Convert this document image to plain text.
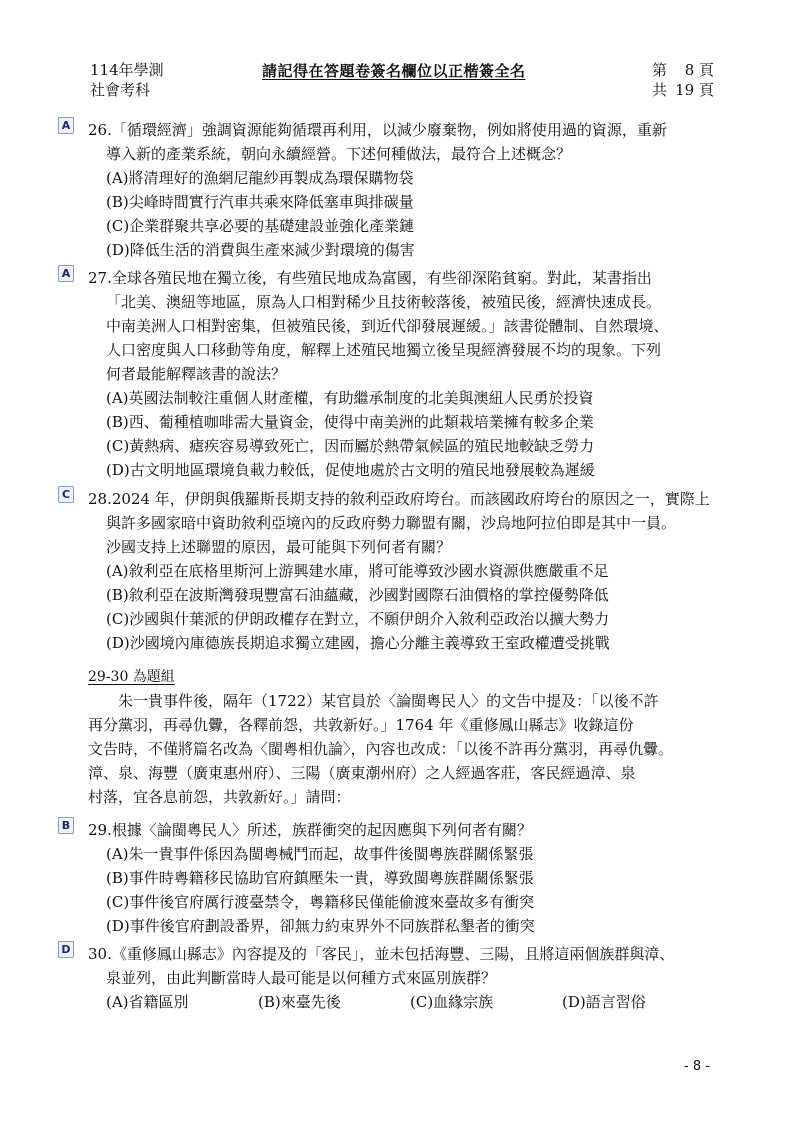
114年學測
社會考科
請記得在答題卷簽名欄位以正楷簽全名	第 8 頁
共 19 頁
A 26.「循環經濟」強調資源能夠循環再利用，以減少廢棄物，例如將使用過的資源，重新
導入新的產業系統，朝向永續經營。下述何種做法，最符合上述概念？
(A)將清理好的漁網尼龍紗再製成為環保購物袋
(B)尖峰時間實行汽車共乘來降低塞車與排碳量
(C)企業群聚共享必要的基礎建設並強化產業鏈
(D)降低生活的消費與生產來減少對環境的傷害
A 27.全球各殖民地在獨立後，有些殖民地成為富國，有些卻深陷貧窮。對此，某書指出
「北美、澳紐等地區，原為人口相對稀少且技術較落後，被殖民後，經濟快速成長。
中南美洲人口相對密集，但被殖民後，到近代卻發展遲緩。」該書從體制、自然環境、
人口密度與人口移動等角度，解釋上述殖民地獨立後呈現經濟發展不均的現象。下列
何者最能解釋該書的說法？
(A)英國法制較注重個人財產權，有助繼承制度的北美與澳紐人民勇於投資
(B)西、葡種植咖啡需大量資金，使得中南美洲的此類栽培業擁有較多企業
(C)黃熱病、瘧疾容易導致死亡，因而屬於熱帶氣候區的殖民地較缺乏勞力
(D)古文明地區環境負載力較低，促使地處於古文明的殖民地發展較為遲緩
C 28.2024 年，伊朗與俄羅斯長期支持的敘利亞政府垮台。而該國政府垮台的原因之一，實際上
與許多國家暗中資助敘利亞境內的反政府勢力聯盟有關，沙烏地阿拉伯即是其中一員。
沙國支持上述聯盟的原因，最可能與下列何者有關？
(A)敘利亞在底格里斯河上游興建水庫，將可能導致沙國水資源供應嚴重不足
(B)敘利亞在波斯灣發現豐富石油蘊藏，沙國對國際石油價格的掌控優勢降低
(C)沙國與什葉派的伊朗政權存在對立，不願伊朗介入敘利亞政治以擴大勢力
(D)沙國境內庫德族長期追求獨立建國，擔心分離主義導致王室政權遭受挑戰
29-30 為題組

朱一貴事件後，隔年（1722）某官員於〈論閩粵民人〉的文告中提及：「以後不許

再分黨羽，再尋仇釁，各釋前怨，共敦新好。」1764 年《重修鳳山縣志》收錄這份
文告時，不僅將篇名改為〈閩粵相仇論〉，內容也改成：「以後不許再分黨羽，再尋仇釁。
漳、泉、海豐（廣東惠州府）、三陽（廣東潮州府）之人經過客莊，客民經過漳、泉
村落，宜各息前怨，共敦新好。」請問：
B 29.根據〈論閩粵民人〉所述，族群衝突的起因應與下列何者有關？
(A)朱一貴事件係因為閩粵械鬥而起，故事件後閩粵族群關係緊張
(B)事件時粵籍移民協助官府鎮壓朱一貴，導致閩粵族群關係緊張
(C)事件後官府厲行渡臺禁令，粵籍移民僅能偷渡來臺故多有衝突
(D)事件後官府劃設番界，卻無力約束界外不同族群私墾者的衝突
D 30.《重修鳳山縣志》內容提及的「客民」，並未包括海豐、三陽，且將這兩個族群與漳、
泉並列，由此判斷當時人最可能是以何種方式來區別族群？
(A)省籍區別	(B)來臺先後	(C)血緣宗族	(D)語言習俗
- 8 -
